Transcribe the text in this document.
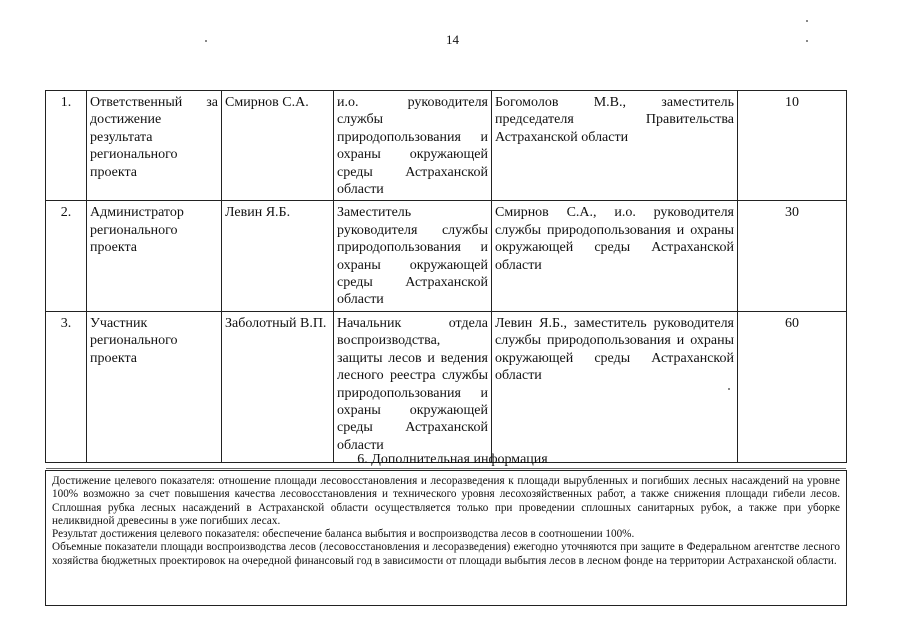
14
1.	Ответственный за достижение результата регионального проекта	Смирнов С.А.	и.о. руководителя службы природопользования и охраны окружающей среды Астраханской области	Богомолов М.В., заместитель председателя Правительства Астраханской области	10
2.	Администратор регионального проекта	Левин Я.Б.	Заместитель руководителя службы природопользования и охраны окружающей среды Астраханской области	Смирнов С.А., и.о. руководителя службы природопользования и охраны окружающей среды Астраханской области	30
3.	Участник регионального проекта	Заболотный В.П.	Начальник отдела воспроизводства, защиты лесов и ведения лесного реестра службы природопользования и охраны окружающей среды Астраханской области	Левин Я.Б., заместитель руководителя службы природопользования и охраны окружающей среды Астраханской области	60
6. Дополнительная информация

Достижение целевого показателя: отношение площади лесовосстановления и лесоразведения к площади вырубленных и погибших лесных насаждений на уровне 100% возможно за счет повышения качества лесовосстановления и технического уровня лесохозяйственных работ, а также снижения площади гибели лесов. Сплошная рубка лесных насаждений в Астраханской области осуществляется только при проведении сплошных санитарных рубок, а также при уборке неликвидной древесины в уже погибших лесах.

Результат достижения целевого показателя: обеспечение баланса выбытия и воспроизводства лесов в соотношении 100%.

Объемные показатели площади воспроизводства лесов (лесовосстановления и лесоразведения) ежегодно уточняются при защите в Федеральном агентстве лесного хозяйства бюджетных проектировок на очередной финансовый год в зависимости от площади выбытия лесов в лесном фонде на территории Астраханской области.
